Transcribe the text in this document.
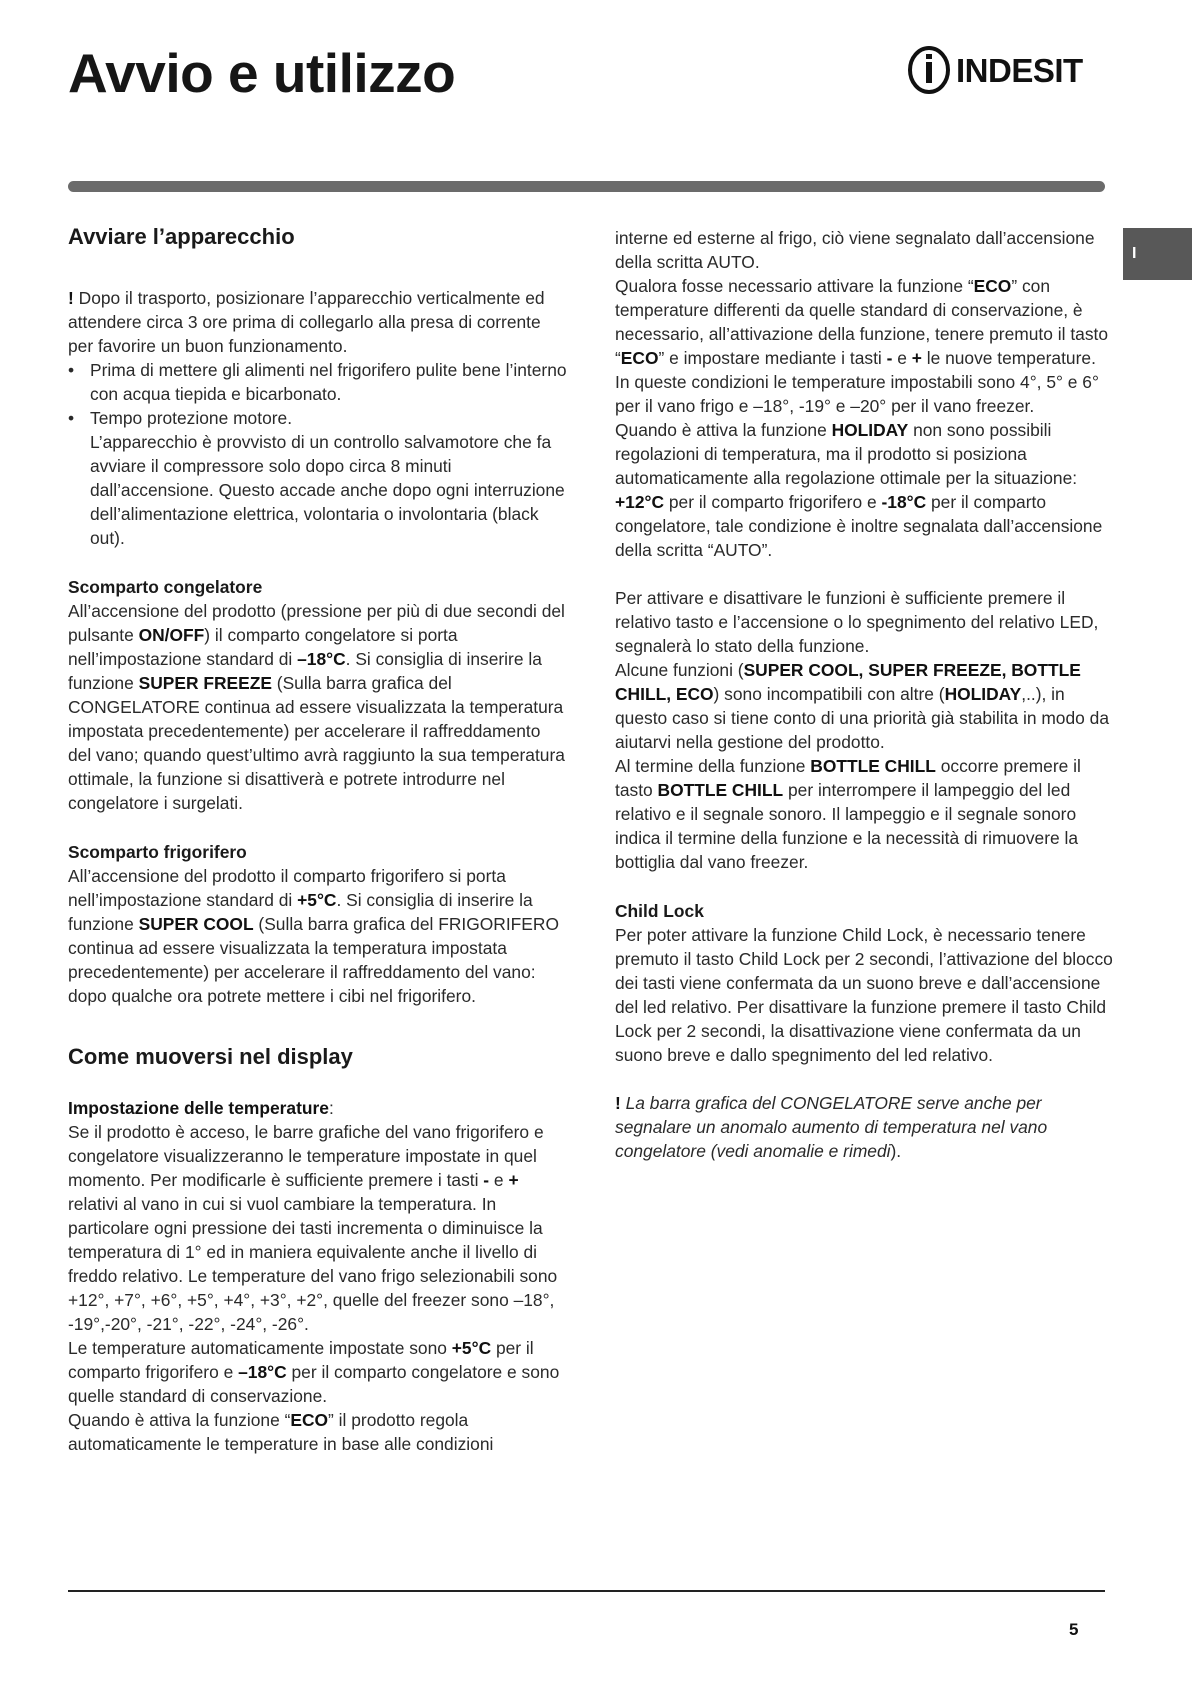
Avvio e utilizzo	INDESIT
I
Avviare l’apparecchio

! Dopo il trasporto, posizionare l’apparecchio verticalmente ed attendere circa 3 ore prima di collegarlo alla presa di corrente per favorire un buon funzionamento.

• Prima di mettere gli alimenti nel frigorifero pulite bene l’interno con acqua tiepida e bicarbonato.

• Tempo protezione motore.

L’apparecchio è provvisto di un controllo salvamotore che fa avviare il compressore solo dopo circa 8 minuti dall’accensione. Questo accade anche dopo ogni interruzione dell’alimentazione elettrica, volontaria o involontaria (black out).

Scomparto congelatore

All’accensione del prodotto (pressione per più di due secondi del pulsante ON/OFF) il comparto congelatore si porta nell’impostazione standard di –18°C. Si consiglia di inserire la funzione SUPER FREEZE (Sulla barra grafica del CONGELATORE continua ad essere visualizzata la temperatura impostata precedentemente) per accelerare il raffreddamento del vano; quando quest’ultimo avrà raggiunto la sua temperatura ottimale, la funzione si disattiverà e potrete introdurre nel congelatore i surgelati.

Scomparto frigorifero

All’accensione del prodotto il comparto frigorifero si porta nell’impostazione standard di +5°C. Si consiglia di inserire la funzione SUPER COOL (Sulla barra grafica del FRIGORIFERO continua ad essere visualizzata la temperatura impostata precedentemente) per accelerare il raffreddamento del vano: dopo qualche ora potrete mettere i cibi nel frigorifero.

Come muoversi nel display

Impostazione delle temperature:

Se il prodotto è acceso, le barre grafiche del vano frigorifero e congelatore visualizzeranno le temperature impostate in quel momento. Per modificarle è sufficiente premere i tasti - e + relativi al vano in cui si vuol cambiare la temperatura. In particolare ogni pressione dei tasti incrementa o diminuisce la temperatura di 1° ed in maniera equivalente anche il livello di freddo relativo. Le temperature del vano frigo selezionabili sono +12°, +7°, +6°, +5°, +4°, +3°, +2°, quelle del freezer sono –18°, -19°,-20°, -21°, -22°, -24°, -26°.

Le temperature automaticamente impostate sono +5°C per il comparto frigorifero e –18°C per il comparto congelatore e sono quelle standard di conservazione.

Quando è attiva la funzione “ECO” il prodotto regola automaticamente le temperature in base alle condizioni

interne ed esterne al frigo, ciò viene segnalato dall’accensione della scritta AUTO.

Qualora fosse necessario attivare la funzione “ECO” con temperature differenti da quelle standard di conservazione, è necessario, all’attivazione della funzione, tenere premuto il tasto “ECO” e impostare mediante i tasti - e + le nuove temperature. In queste condizioni le temperature impostabili sono 4°, 5° e 6° per il vano frigo e –18°, -19° e –20° per il vano freezer.

Quando è attiva la funzione HOLIDAY non sono possibili regolazioni di temperatura, ma il prodotto si posiziona automaticamente alla regolazione ottimale per la situazione: +12°C per il comparto frigorifero e -18°C per il comparto congelatore, tale condizione è inoltre segnalata dall’accensione della scritta “AUTO”.

Per attivare e disattivare le funzioni è sufficiente premere il relativo tasto e l’accensione o lo spegnimento del relativo LED, segnalerà lo stato della funzione.

Alcune funzioni (SUPER COOL, SUPER FREEZE, BOTTLE CHILL, ECO) sono incompatibili con altre (HOLIDAY,..), in questo caso si tiene conto di una priorità già stabilita in modo da aiutarvi nella gestione del prodotto.

Al termine della funzione BOTTLE CHILL occorre premere il tasto BOTTLE CHILL per interrompere il lampeggio del led relativo e il segnale sonoro. Il lampeggio e il segnale sonoro indica il termine della funzione e la necessità di rimuovere la bottiglia dal vano freezer.

Child Lock

Per poter attivare la funzione Child Lock, è necessario tenere premuto il tasto Child Lock per 2 secondi, l’attivazione del blocco dei tasti viene confermata da un suono breve e dall’accensione del led relativo. Per disattivare la funzione premere il tasto Child Lock per 2 secondi, la disattivazione viene confermata da un suono breve e dallo spegnimento del led relativo.

! La barra grafica del CONGELATORE serve anche per segnalare un anomalo aumento di temperatura nel vano congelatore (vedi anomalie e rimedi).

5
